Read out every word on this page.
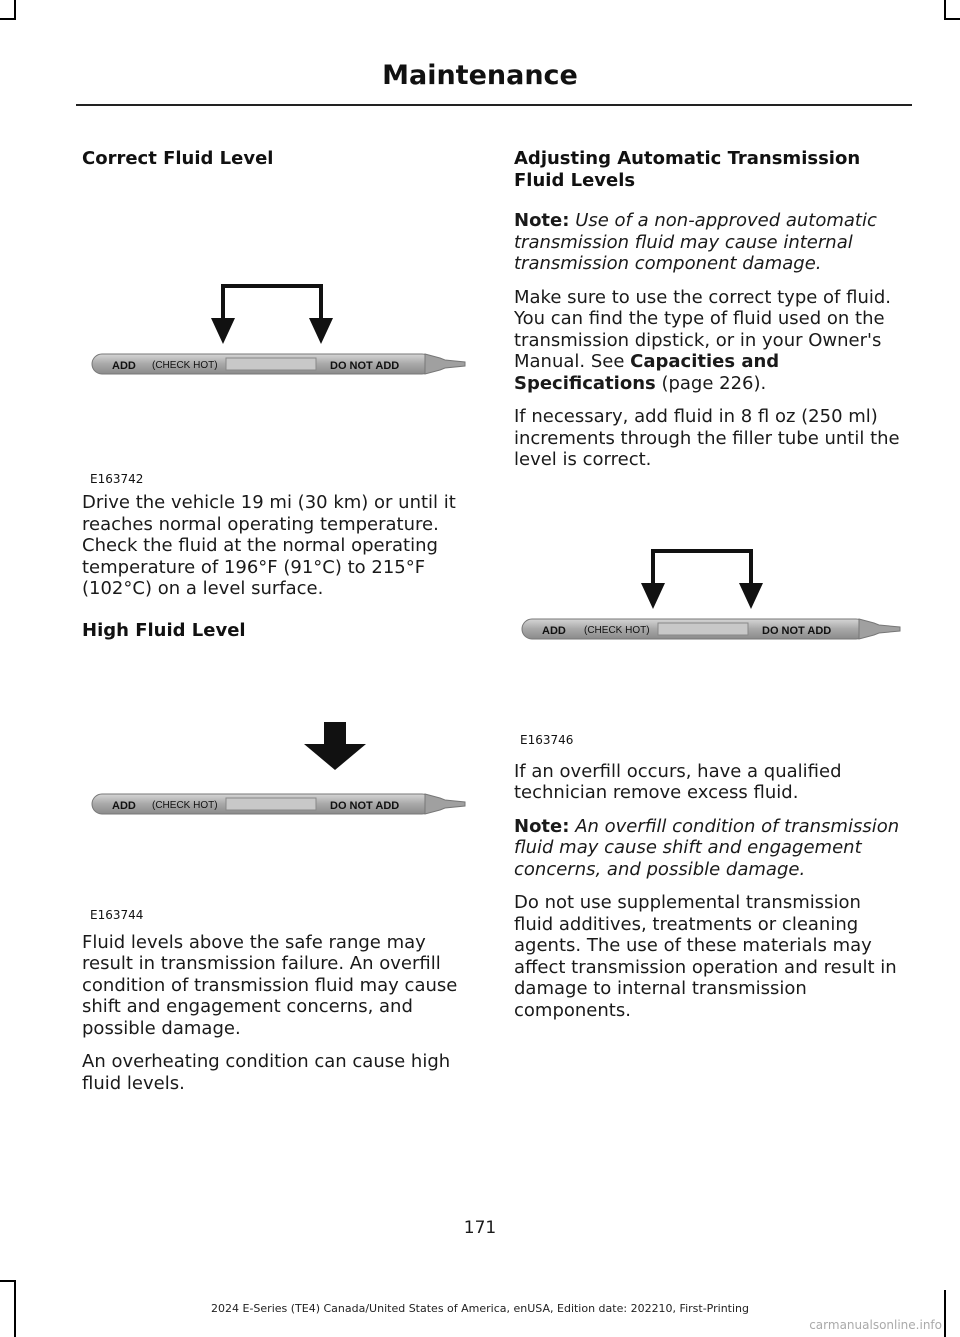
Maintenance
Correct Fluid Level
ADD (CHECK HOT)	DO NOT ADD
E163742

Drive the vehicle 19 mi (30 km) or until it reaches normal operating temperature. Check the fluid at the normal operating temperature of 196°F (91°C) to 215°F (102°C) on a level surface.

High Fluid Level
ADD (CHECK HOT)	DO NOT ADD
E163744

Fluid levels above the safe range may result in transmission failure. An overfill condition of transmission fluid may cause shift and engagement concerns, and possible damage.

An overheating condition can cause high fluid levels.

Adjusting Automatic Transmission Fluid Levels

Note: Use of a non-approved automatic transmission fluid may cause internal transmission component damage.

Make sure to use the correct type of fluid. You can find the type of fluid used on the transmission dipstick, or in your Owner's Manual. See Capacities and Specifications (page 226).

If necessary, add fluid in 8 fl oz (250 ml) increments through the filler tube until the level is correct.

ADD (CHECK HOT)	DO NOT ADD
E163746

If an overfill occurs, have a qualified technician remove excess fluid.

Note: An overfill condition of transmission fluid may cause shift and engagement concerns, and possible damage.

Do not use supplemental transmission fluid additives, treatments or cleaning agents. The use of these materials may affect transmission operation and result in damage to internal transmission components.

171
2024 E-Series (TE4) Canada/United States of America, enUSA, Edition date: 202210, First-Printing
carmanualsonline.info
